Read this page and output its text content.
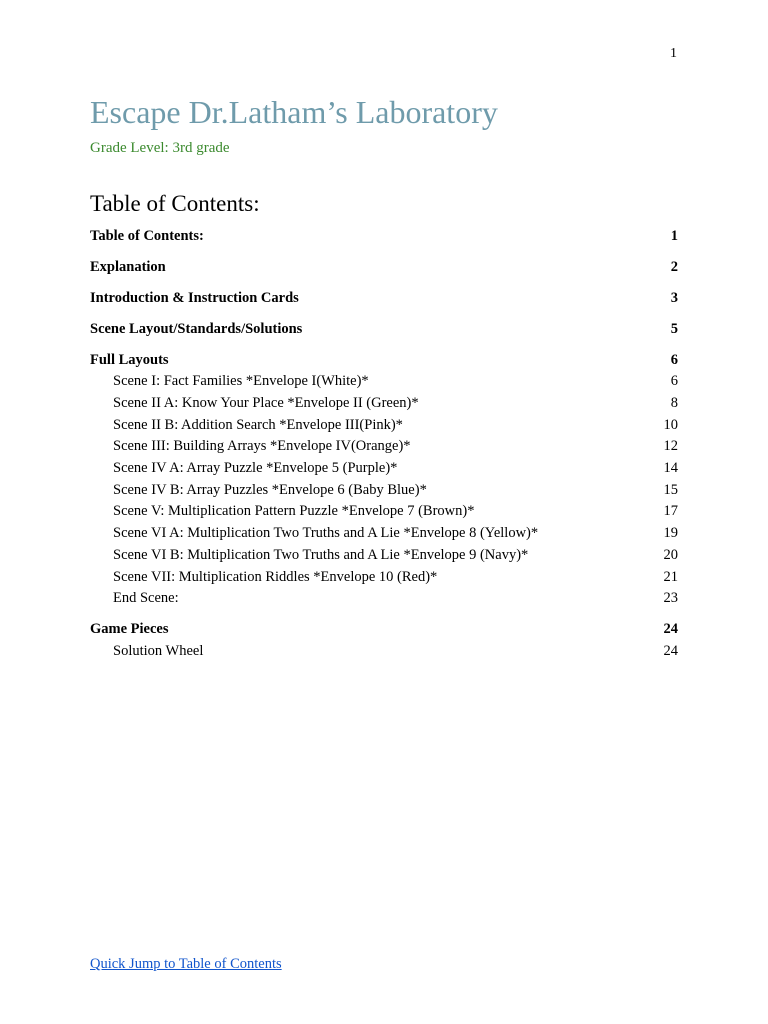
1
Escape Dr.Latham’s Laboratory
Grade Level: 3rd grade
Table of Contents:
Table of Contents:	1
Explanation	2
Introduction & Instruction Cards	3
Scene Layout/Standards/Solutions	5
Full Layouts	6
Scene I: Fact Families *Envelope I(White)*	6
Scene II A: Know Your Place *Envelope II (Green)*	8
Scene II B: Addition Search *Envelope III(Pink)*	10
Scene III: Building Arrays *Envelope IV(Orange)*	12
Scene IV A: Array Puzzle *Envelope 5 (Purple)*	14
Scene IV B: Array Puzzles *Envelope 6 (Baby Blue)*	15
Scene V: Multiplication Pattern Puzzle *Envelope 7 (Brown)*	17
Scene VI A: Multiplication Two Truths and A Lie *Envelope 8 (Yellow)*	19
Scene VI B: Multiplication Two Truths and A Lie *Envelope 9 (Navy)*	20
Scene VII: Multiplication Riddles *Envelope 10 (Red)*	21
End Scene:	23
Game Pieces	24
Solution Wheel	24
Quick Jump to Table of Contents
